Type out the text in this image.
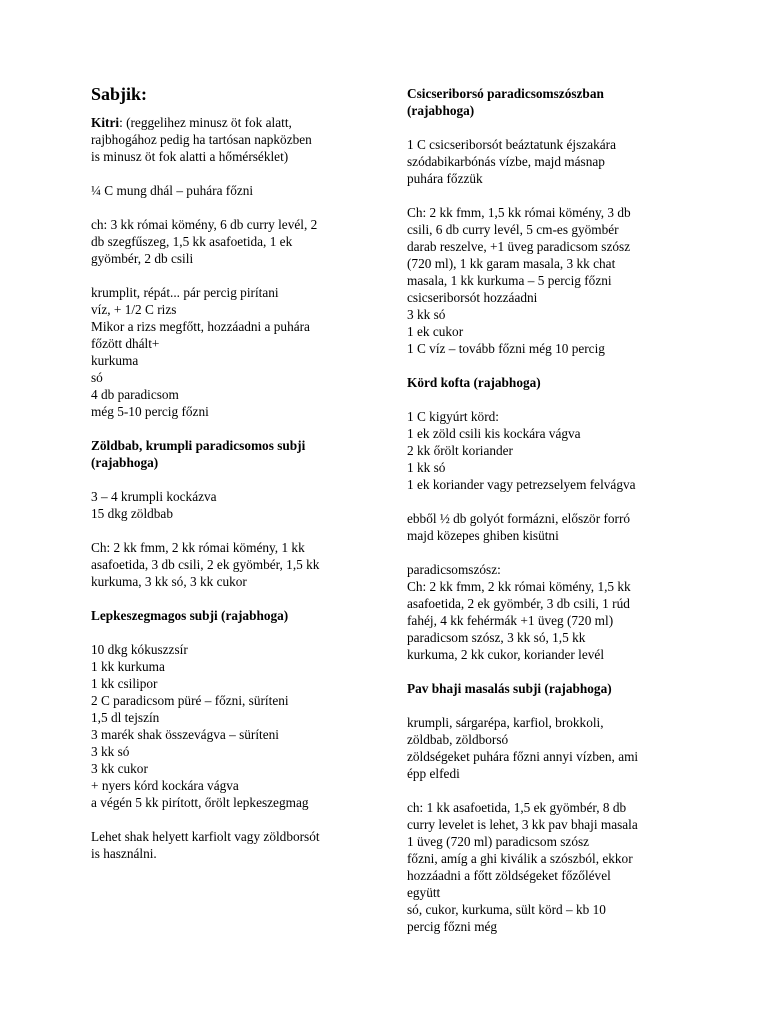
Sabjik:
Kitri: (reggelihez minusz öt fok alatt,
rajbhogához pedig ha tartósan napközben
is minusz öt fok alatti a hőmérséklet)
¼ C mung dhál – puhára főzni
ch: 3 kk római kömény, 6 db curry levél, 2
db szegfűszeg, 1,5 kk asafoetida, 1 ek
gyömbér, 2 db csili
krumplit, répát... pár percig pirítani
víz, + 1/2 C rizs
Mikor a rizs megfőtt, hozzáadni a puhára
főzött dhált+
kurkuma
só
4 db paradicsom
még 5-10 percig főzni
Zöldbab, krumpli paradicsomos subji
(rajabhoga)
3 – 4 krumpli kockázva
15 dkg zöldbab
Ch: 2 kk fmm, 2 kk római kömény, 1 kk
asafoetida, 3 db csili, 2 ek gyömbér, 1,5 kk
kurkuma, 3 kk só, 3 kk cukor
Lepkeszegmagos subji (rajabhoga)
10 dkg kókuszzsír
1 kk kurkuma
1 kk csilipor
2 C paradicsom püré – főzni, süríteni
1,5 dl tejszín
3 marék shak összevágva – süríteni
3 kk só
3 kk cukor
+ nyers kórd kockára vágva
a végén 5 kk pirított, őrölt lepkeszegmag
Lehet shak helyett karfiolt vagy zöldborsót
is használni.
Csicseriborsó paradicsomszószban
(rajabhoga)
1 C csicseriborsót beáztatunk éjszakára
szódabikarbónás vízbe, majd másnap
puhára főzzük
Ch: 2 kk fmm, 1,5 kk római kömény, 3 db
csili, 6 db curry levél, 5 cm-es gyömbér
darab reszelve, +1 üveg paradicsom szósz
(720 ml), 1 kk garam masala, 3 kk chat
masala, 1 kk kurkuma – 5 percig főzni
csicseriborsót hozzáadni
3 kk só
1 ek cukor
1 C víz – tovább főzni még 10 percig
Körd kofta (rajabhoga)
1 C kigyúrt körd:
1 ek zöld csili kis kockára vágva
2 kk őrölt koriander
1 kk só
1 ek koriander vagy petrezselyem felvágva
ebből ½ db golyót formázni, először forró
majd közepes ghiben kisütni
paradicsomszósz:
Ch: 2 kk fmm, 2 kk római kömény, 1,5 kk
asafoetida, 2 ek gyömbér, 3 db csili, 1 rúd
fahéj, 4 kk fehérmák +1 üveg (720 ml)
paradicsom szósz, 3 kk só, 1,5 kk
kurkuma, 2 kk cukor, koriander levél
Pav bhaji masalás subji (rajabhoga)
krumpli, sárgarépa, karfiol, brokkoli,
zöldbab, zöldborsó
zöldségeket puhára főzni annyi vízben, ami
épp elfedi
ch: 1 kk asafoetida, 1,5 ek gyömbér, 8 db
curry levelet is lehet, 3 kk pav bhaji masala
1 üveg (720 ml) paradicsom szósz
főzni, amíg a ghi kiválik a szószból, ekkor
hozzáadni a főtt zöldségeket főzőlével
együtt
só, cukor, kurkuma, sült körd – kb 10
percig főzni még
